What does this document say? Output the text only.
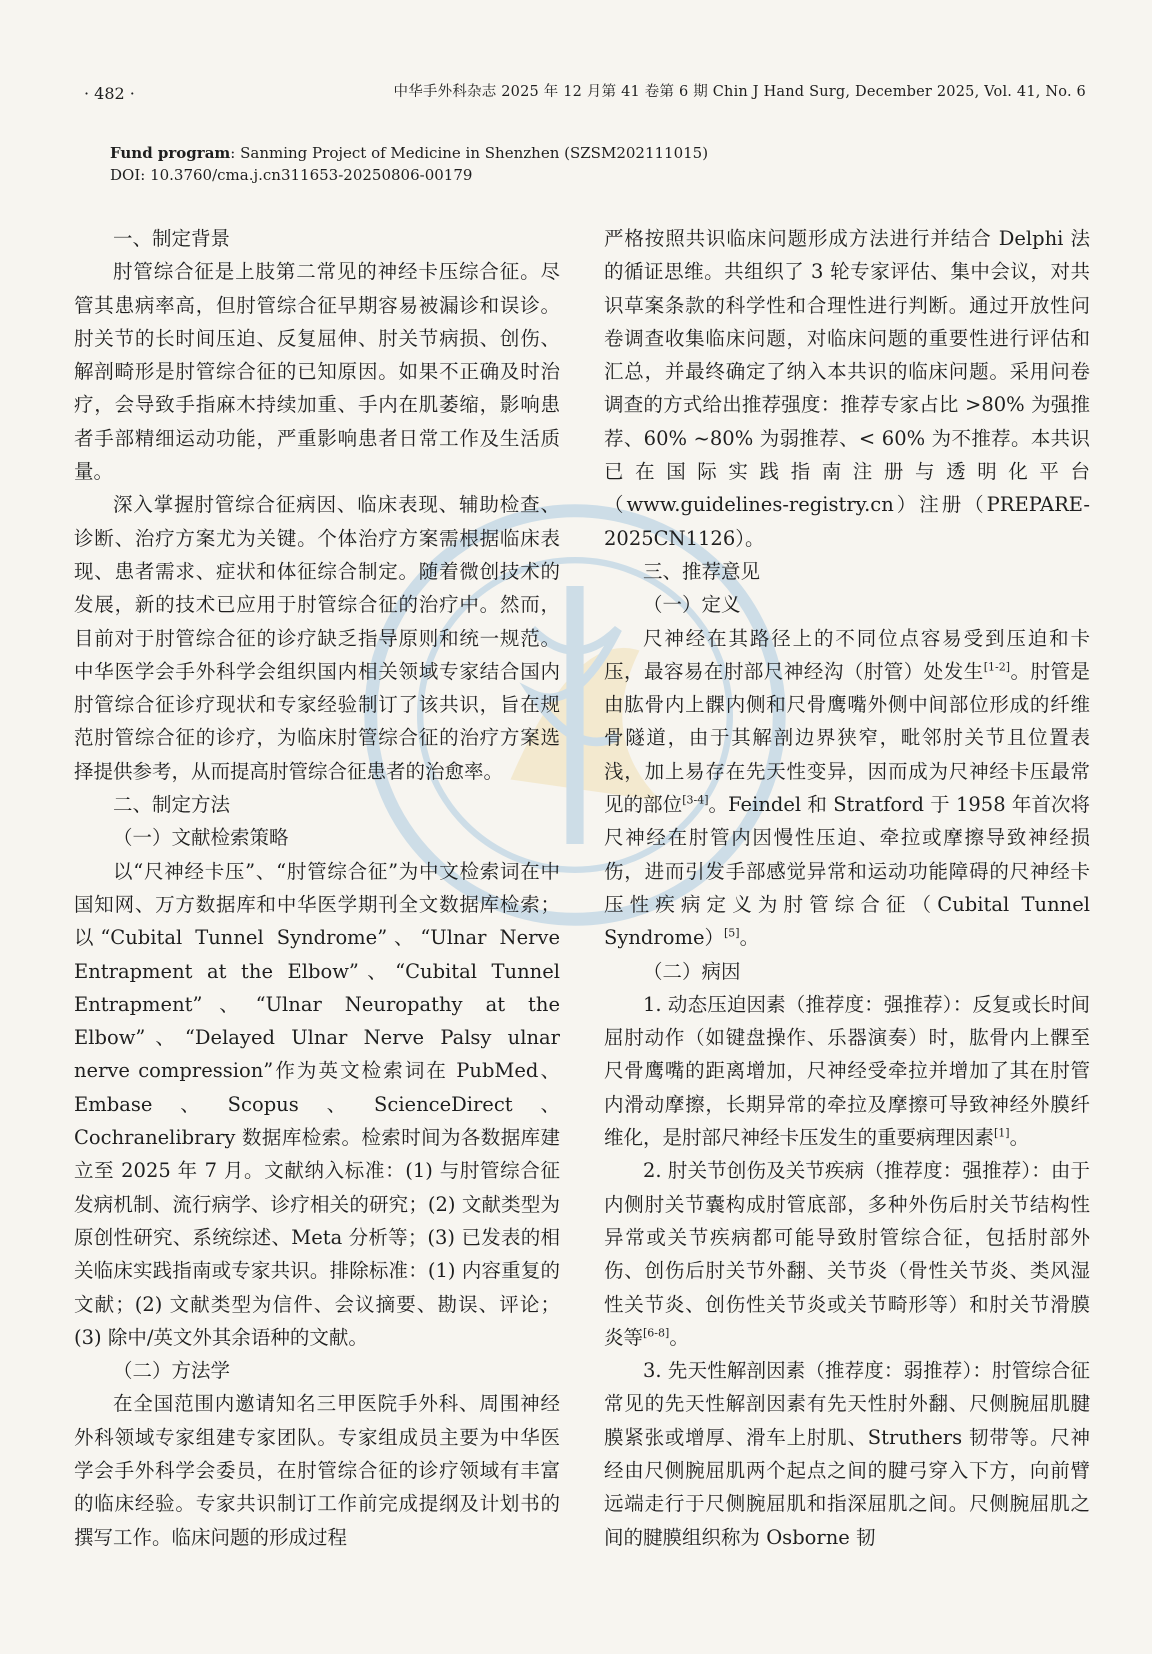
· 482 ·	中华手外科杂志 2025 年 12 月第 41 卷第 6 期 Chin J Hand Surg, December 2025, Vol. 41, No. 6
Fund program: Sanming Project of Medicine in Shenzhen (SZSM202111015)
DOI: 10.3760/cma.j.cn311653-20250806-00179
一、制定背景

肘管综合征是上肢第二常见的神经卡压综合征。尽管其患病率高，但肘管综合征早期容易被漏诊和误诊。肘关节的长时间压迫、反复屈伸、肘关节病损、创伤、解剖畸形是肘管综合征的已知原因。如果不正确及时治疗，会导致手指麻木持续加重、手内在肌萎缩，影响患者手部精细运动功能，严重影响患者日常工作及生活质量。

深入掌握肘管综合征病因、临床表现、辅助检查、诊断、治疗方案尤为关键。个体治疗方案需根据临床表现、患者需求、症状和体征综合制定。随着微创技术的发展，新的技术已应用于肘管综合征的治疗中。然而，目前对于肘管综合征的诊疗缺乏指导原则和统一规范。中华医学会手外科学会组织国内相关领域专家结合国内肘管综合征诊疗现状和专家经验制订了该共识，旨在规范肘管综合征的诊疗，为临床肘管综合征的治疗方案选择提供参考，从而提高肘管综合征患者的治愈率。

二、制定方法
（一）文献检索策略

以“尺神经卡压”、“肘管综合征”为中文检索词在中国知网、万方数据库和中华医学期刊全文数据库检索；以“Cubital Tunnel Syndrome”、“Ulnar Nerve Entrapment at the Elbow”、“Cubital Tunnel Entrapment”、“Ulnar Neuropathy at the Elbow”、“Delayed Ulnar Nerve Palsy ulnar nerve compression”作为英文检索词在 PubMed、Embase、Scopus、ScienceDirect、Cochranelibrary 数据库检索。检索时间为各数据库建立至 2025 年 7 月。文献纳入标准：(1) 与肘管综合征发病机制、流行病学、诊疗相关的研究；(2) 文献类型为原创性研究、系统综述、Meta 分析等；(3) 已发表的相关临床实践指南或专家共识。排除标准：(1) 内容重复的文献；(2) 文献类型为信件、会议摘要、勘误、评论；(3) 除中/英文外其余语种的文献。

（二）方法学

在全国范围内邀请知名三甲医院手外科、周围神经外科领域专家组建专家团队。专家组成员主要为中华医学会手外科学会委员，在肘管综合征的诊疗领域有丰富的临床经验。专家共识制订工作前完成提纲及计划书的撰写工作。临床问题的形成过程

严格按照共识临床问题形成方法进行并结合 Delphi 法的循证思维。共组织了 3 轮专家评估、集中会议，对共识草案条款的科学性和合理性进行判断。通过开放性问卷调查收集临床问题，对临床问题的重要性进行评估和汇总，并最终确定了纳入本共识的临床问题。采用问卷调查的方式给出推荐强度：推荐专家占比 >80% 为强推荐、60% ~80% 为弱推荐、< 60% 为不推荐。本共识已在国际实践指南注册与透明化平台（www.guidelines-registry.cn）注册（PREPARE-2025CN1126）。

三、推荐意见
（一）定义

尺神经在其路径上的不同位点容易受到压迫和卡压，最容易在肘部尺神经沟（肘管）处发生[1-2]。肘管是由肱骨内上髁内侧和尺骨鹰嘴外侧中间部位形成的纤维骨隧道，由于其解剖边界狭窄，毗邻肘关节且位置表浅，加上易存在先天性变异，因而成为尺神经卡压最常见的部位[3-4]。Feindel 和 Stratford 于 1958 年首次将尺神经在肘管内因慢性压迫、牵拉或摩擦导致神经损伤，进而引发手部感觉异常和运动功能障碍的尺神经卡压性疾病定义为肘管综合征（Cubital Tunnel Syndrome）[5]。

（二）病因

1. 动态压迫因素（推荐度：强推荐）：反复或长时间屈肘动作（如键盘操作、乐器演奏）时，肱骨内上髁至尺骨鹰嘴的距离增加，尺神经受牵拉并增加了其在肘管内滑动摩擦，长期异常的牵拉及摩擦可导致神经外膜纤维化，是肘部尺神经卡压发生的重要病理因素[1]。

2. 肘关节创伤及关节疾病（推荐度：强推荐）：由于内侧肘关节囊构成肘管底部，多种外伤后肘关节结构性异常或关节疾病都可能导致肘管综合征，包括肘部外伤、创伤后肘关节外翻、关节炎（骨性关节炎、类风湿性关节炎、创伤性关节炎或关节畸形等）和肘关节滑膜炎等[6-8]。

3. 先天性解剖因素（推荐度：弱推荐）：肘管综合征常见的先天性解剖因素有先天性肘外翻、尺侧腕屈肌腱膜紧张或增厚、滑车上肘肌、Struthers 韧带等。尺神经由尺侧腕屈肌两个起点之间的腱弓穿入下方，向前臂远端走行于尺侧腕屈肌和指深屈肌之间。尺侧腕屈肌之间的腱膜组织称为 Osborne 韧
